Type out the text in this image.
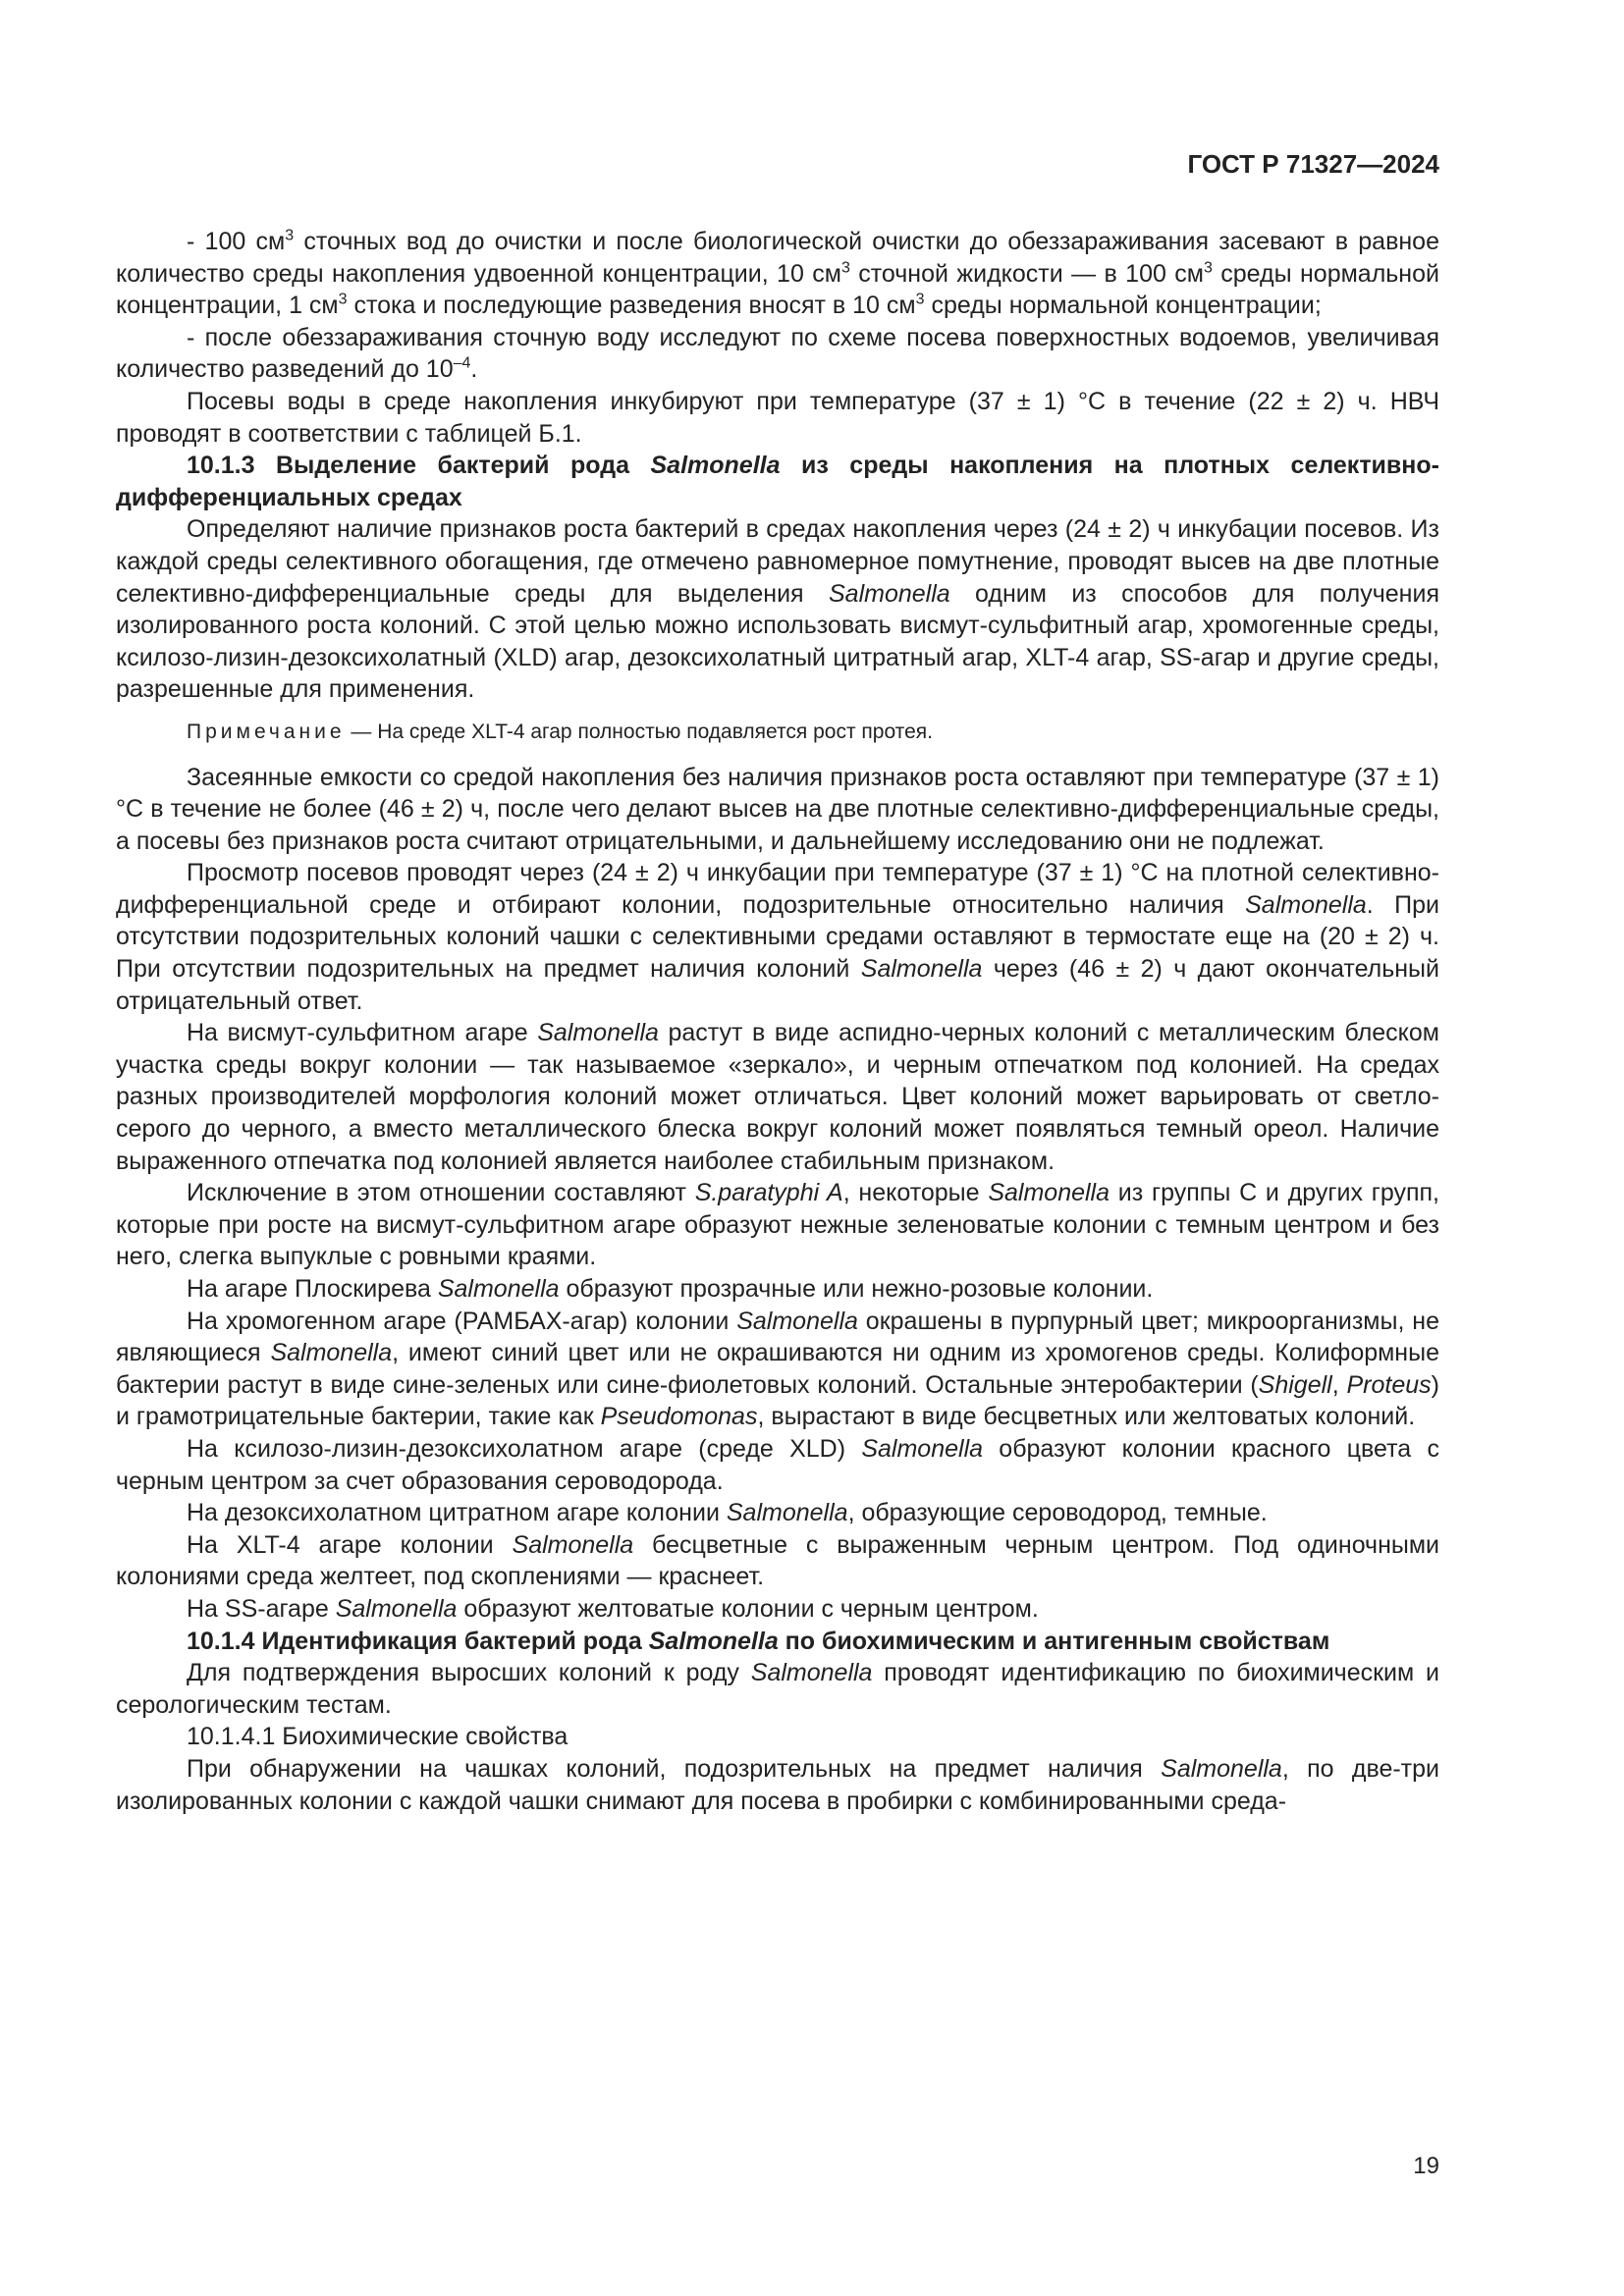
ГОСТ Р 71327—2024

- 100 $см^3$ сточных вод до очистки и после биологической очистки до обеззараживания засевают в равное количество среды накопления удвоенной концентрации, 10 $см^3$ сточной жидкости — в 100 $см^3$ среды нормальной концентрации, 1 $см^3$ стока и последующие разведения вносят в 10 $см^3$ среды нормальной концентрации;

- после обеззараживания сточную воду исследуют по схеме посева поверхностных водоемов, увеличивая количество разведений до $10^{-4}$.

Посевы воды в среде накопления инкубируют при температуре (37 ± 1) °С в течение (22 ± 2) ч. НВЧ проводят в соответствии с таблицей Б.1.

10.1.3 Выделение бактерий рода Salmonella из среды накопления на плотных селективно-дифференциальных средах

Определяют наличие признаков роста бактерий в средах накопления через (24 ± 2) ч инкубации посевов. Из каждой среды селективного обогащения, где отмечено равномерное помутнение, проводят высев на две плотные селективно-дифференциальные среды для выделения Salmonella одним из способов для получения изолированного роста колоний. С этой целью можно использовать висмут-сульфитный агар, хромогенные среды, ксилозо-лизин-дезоксихолатный (XLD) агар, дезоксихолатный цитратный агар, XLT-4 агар, SS-агар и другие среды, разрешенные для применения.

Примечание — На среде XLT-4 агар полностью подавляется рост протея.

Засеянные емкости со средой накопления без наличия признаков роста оставляют при температуре (37 ± 1) °С в течение не более (46 ± 2) ч, после чего делают высев на две плотные селективно-дифференциальные среды, а посевы без признаков роста считают отрицательными, и дальнейшему исследованию они не подлежат.

Просмотр посевов проводят через (24 ± 2) ч инкубации при температуре (37 ± 1) °С на плотной селективно-дифференциальной среде и отбирают колонии, подозрительные относительно наличия Salmonella. При отсутствии подозрительных колоний чашки с селективными средами оставляют в термостате еще на (20 ± 2) ч. При отсутствии подозрительных на предмет наличия колоний Salmonella через (46 ± 2) ч дают окончательный отрицательный ответ.

На висмут-сульфитном агаре Salmonella растут в виде аспидно-черных колоний с металлическим блеском участка среды вокруг колонии — так называемое «зеркало», и черным отпечатком под колонией. На средах разных производителей морфология колоний может отличаться. Цвет колоний может варьировать от светло-серого до черного, а вместо металлического блеска вокруг колоний может появляться темный ореол. Наличие выраженного отпечатка под колонией является наиболее стабильным признаком.

Исключение в этом отношении составляют S.paratyphi A, некоторые Salmonella из группы С и других групп, которые при росте на висмут-сульфитном агаре образуют нежные зеленоватые колонии с темным центром и без него, слегка выпуклые с ровными краями.

На агаре Плоскирева Salmonella образуют прозрачные или нежно-розовые колонии.

На хромогенном агаре (РАМБАХ-агар) колонии Salmonella окрашены в пурпурный цвет; микроорганизмы, не являющиеся Salmonella, имеют синий цвет или не окрашиваются ни одним из хромогенов среды. Колиформные бактерии растут в виде сине-зеленых или сине-фиолетовых колоний. Остальные энтеробактерии (Shigell, Proteus) и грамотрицательные бактерии, такие как Pseudomonas, вырастают в виде бесцветных или желтоватых колоний.

На ксилозо-лизин-дезоксихолатном агаре (среде XLD) Salmonella образуют колонии красного цвета с черным центром за счет образования сероводорода.

На дезоксихолатном цитратном агаре колонии Salmonella, образующие сероводород, темные.

На XLT-4 агаре колонии Salmonella бесцветные с выраженным черным центром. Под одиночными колониями среда желтеет, под скоплениями — краснеет.

На SS-агаре Salmonella образуют желтоватые колонии с черным центром.

10.1.4 Идентификация бактерий рода Salmonella по биохимическим и антигенным свойствам

Для подтверждения выросших колоний к роду Salmonella проводят идентификацию по биохимическим и серологическим тестам.

10.1.4.1 Биохимические свойства

При обнаружении на чашках колоний, подозрительных на предмет наличия Salmonella, по две-три изолированных колонии с каждой чашки снимают для посева в пробирки с комбинированными среда-

19
